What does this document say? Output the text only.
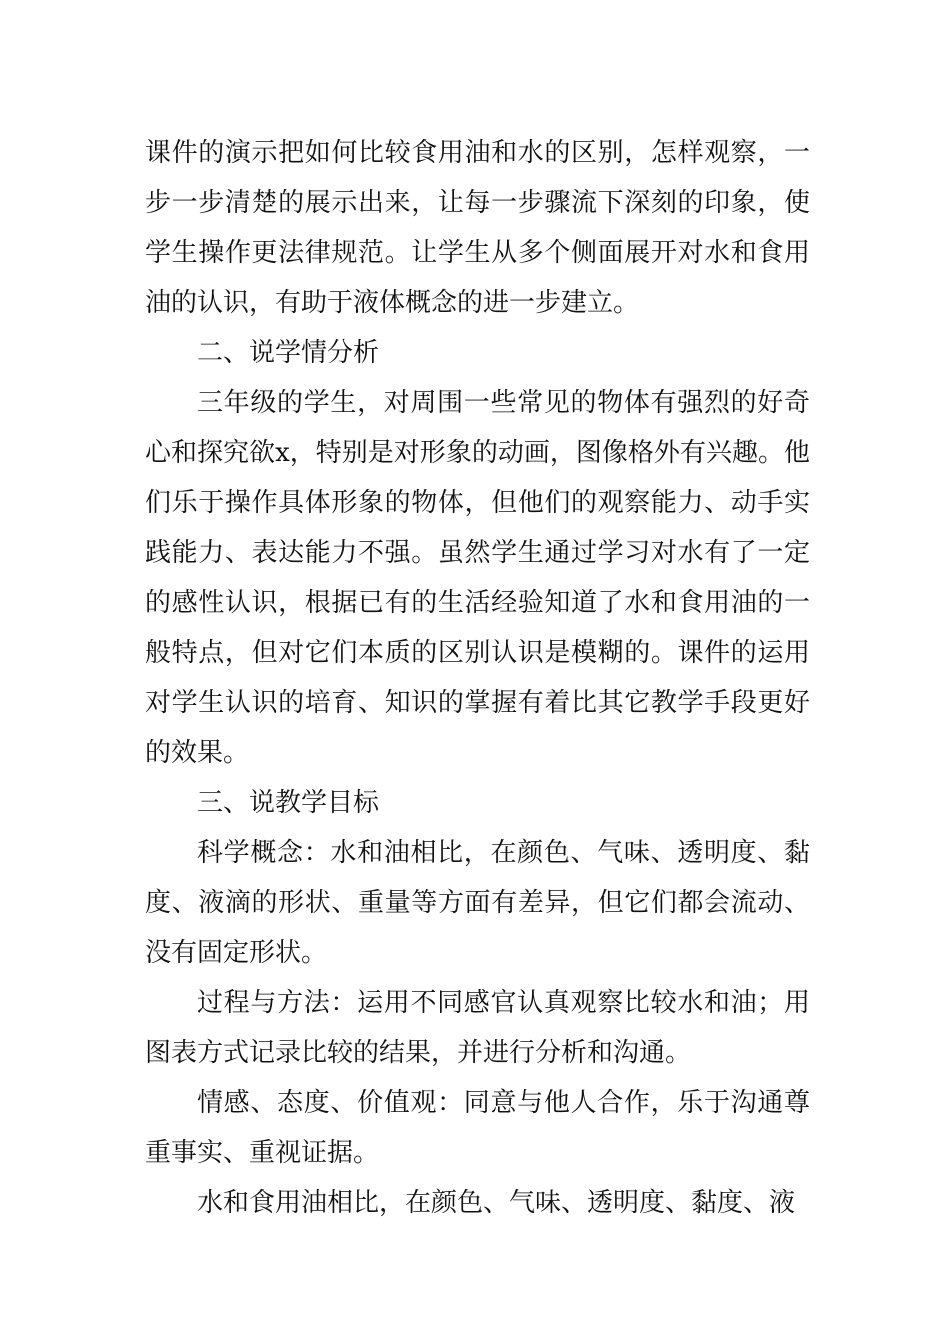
课件的演示把如何比较食用油和水的区别，怎样观察，一步一步清楚的展示出来，让每一步骤流下深刻的印象，使学生操作更法律规范。让学生从多个侧面展开对水和食用油的认识，有助于液体概念的进一步建立。

二、说学情分析

三年级的学生，对周围一些常见的物体有强烈的好奇心和探究欲x，特别是对形象的动画，图像格外有兴趣。他们乐于操作具体形象的物体，但他们的观察能力、动手实践能力、表达能力不强。虽然学生通过学习对水有了一定的感性认识，根据已有的生活经验知道了水和食用油的一般特点，但对它们本质的区别认识是模糊的。课件的运用对学生认识的培育、知识的掌握有着比其它教学手段更好的效果。

三、说教学目标

科学概念：水和油相比，在颜色、气味、透明度、黏度、液滴的形状、重量等方面有差异，但它们都会流动、没有固定形状。

过程与方法：运用不同感官认真观察比较水和油；用图表方式记录比较的结果，并进行分析和沟通。

情感、态度、价值观：同意与他人合作，乐于沟通尊重事实、重视证据。

水和食用油相比，在颜色、气味、透明度、黏度、液
